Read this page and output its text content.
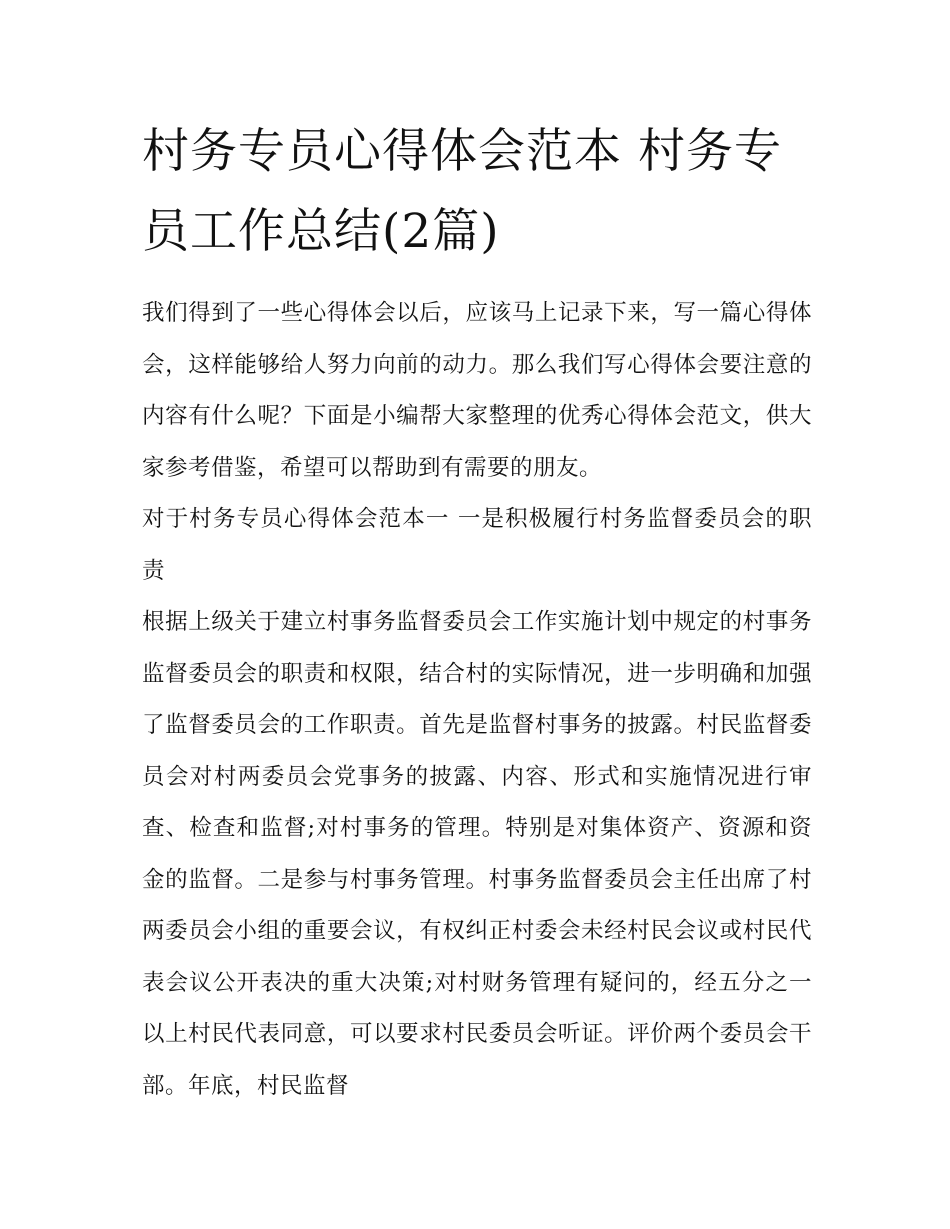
村务专员心得体会范本 村务专员工作总结(2篇)

我们得到了一些心得体会以后，应该马上记录下来，写一篇心得体会，这样能够给人努力向前的动力。那么我们写心得体会要注意的内容有什么呢？下面是小编帮大家整理的优秀心得体会范文，供大家参考借鉴，希望可以帮助到有需要的朋友。

对于村务专员心得体会范本一 一是积极履行村务监督委员会的职责

根据上级关于建立村事务监督委员会工作实施计划中规定的村事务监督委员会的职责和权限，结合村的实际情况，进一步明确和加强了监督委员会的工作职责。首先是监督村事务的披露。村民监督委员会对村两委员会党事务的披露、内容、形式和实施情况进行审查、检查和监督;对村事务的管理。特别是对集体资产、资源和资金的监督。二是参与村事务管理。村事务监督委员会主任出席了村两委员会小组的重要会议，有权纠正村委会未经村民会议或村民代表会议公开表决的重大决策;对村财务管理有疑问的，经五分之一以上村民代表同意，可以要求村民委员会听证。评价两个委员会干部。年底，村民监督
